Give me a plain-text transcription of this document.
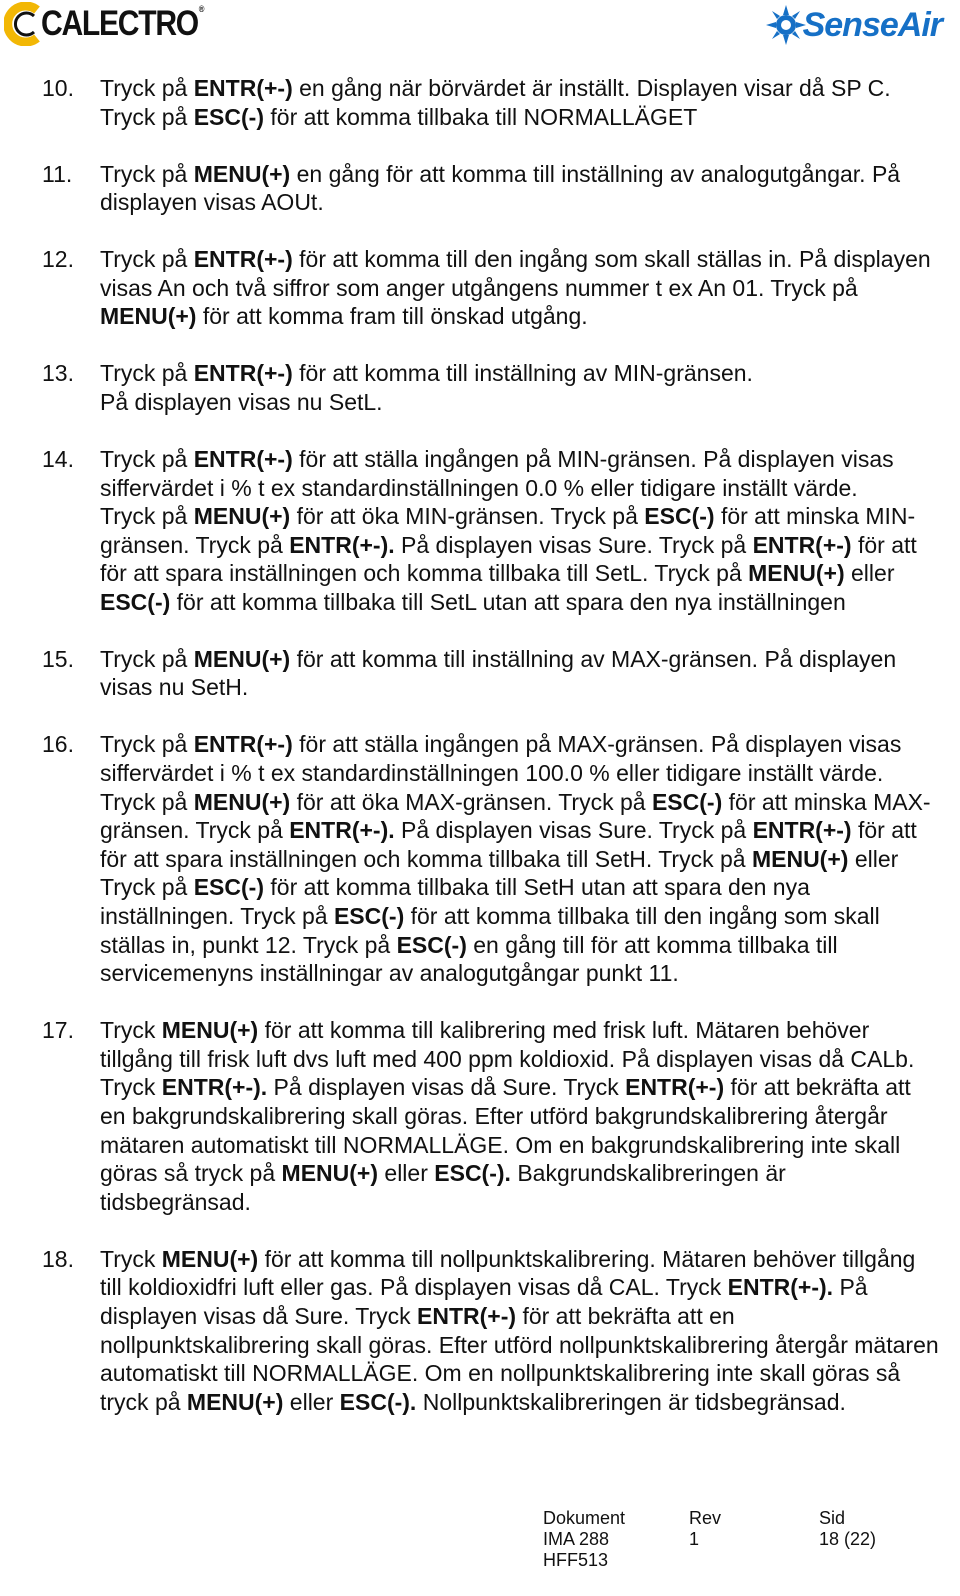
CALECTRO®	SenseAir
10.	Tryck på ENTR(+-) en gång när börvärdet är inställt. Displayen visar då SP C. Tryck på ESC(-) för att komma tillbaka till NORMALLÄGET
11.	Tryck på MENU(+) en gång för att komma till inställning av analogutgångar. På displayen visas AOUt.
12.	Tryck på ENTR(+-) för att komma till den ingång som skall ställas in. På displayen visas An och två siffror som anger utgångens nummer t ex An 01. Tryck på MENU(+) för att komma fram till önskad utgång.
13.	Tryck på ENTR(+-) för att komma till inställning av MIN-gränsen.
På displayen visas nu SetL.
14.	Tryck på ENTR(+-) för att ställa ingången på MIN-gränsen. På displayen visas siffervärdet i % t ex standardinställningen 0.0 % eller tidigare inställt värde.
Tryck på MENU(+) för att öka MIN-gränsen. Tryck på ESC(-) för att minska MIN-gränsen. Tryck på ENTR(+-). På displayen visas Sure. Tryck på ENTR(+-) för att för att spara inställningen och komma tillbaka till SetL. Tryck på MENU(+) eller ESC(-) för att komma tillbaka till SetL utan att spara den nya inställningen
15.	Tryck på MENU(+) för att komma till inställning av MAX-gränsen. På displayen visas nu SetH.
16.	Tryck på ENTR(+-) för att ställa ingången på MAX-gränsen. På displayen visas siffervärdet i % t ex standardinställningen 100.0 % eller tidigare inställt värde. Tryck på MENU(+) för att öka MAX-gränsen. Tryck på ESC(-) för att minska MAX-gränsen. Tryck på ENTR(+-). På displayen visas Sure. Tryck på ENTR(+-) för att för att spara inställningen och komma tillbaka till SetH. Tryck på MENU(+) eller Tryck på ESC(-) för att komma tillbaka till SetH utan att spara den nya inställningen. Tryck på ESC(-) för att komma tillbaka till den ingång som skall ställas in, punkt 12. Tryck på ESC(-) en gång till för att komma tillbaka till servicemenyns inställningar av analogutgångar punkt 11.
17.	Tryck MENU(+) för att komma till kalibrering med frisk luft. Mätaren behöver tillgång till frisk luft dvs luft med 400 ppm koldioxid. På displayen visas då CALb. Tryck ENTR(+-). På displayen visas då Sure. Tryck ENTR(+-) för att bekräfta att en bakgrundskalibrering skall göras. Efter utförd bakgrundskalibrering återgår mätaren automatiskt till NORMALLÄGE. Om en bakgrundskalibrering inte skall göras så tryck på MENU(+) eller ESC(-). Bakgrundskalibreringen är tidsbegränsad.
18.	Tryck MENU(+) för att komma till nollpunktskalibrering. Mätaren behöver tillgång till koldioxidfri luft eller gas. På displayen visas då CAL. Tryck ENTR(+-). På displayen visas då Sure. Tryck ENTR(+-) för att bekräfta att en nollpunktskalibrering skall göras. Efter utförd nollpunktskalibrering återgår mätaren automatiskt till NORMALLÄGE. Om en nollpunktskalibrering inte skall göras så tryck på MENU(+) eller ESC(-). Nollpunktskalibreringen är tidsbegränsad.
Dokument
IMA 288
HFF513
Rev
1
Sid
18 (22)
